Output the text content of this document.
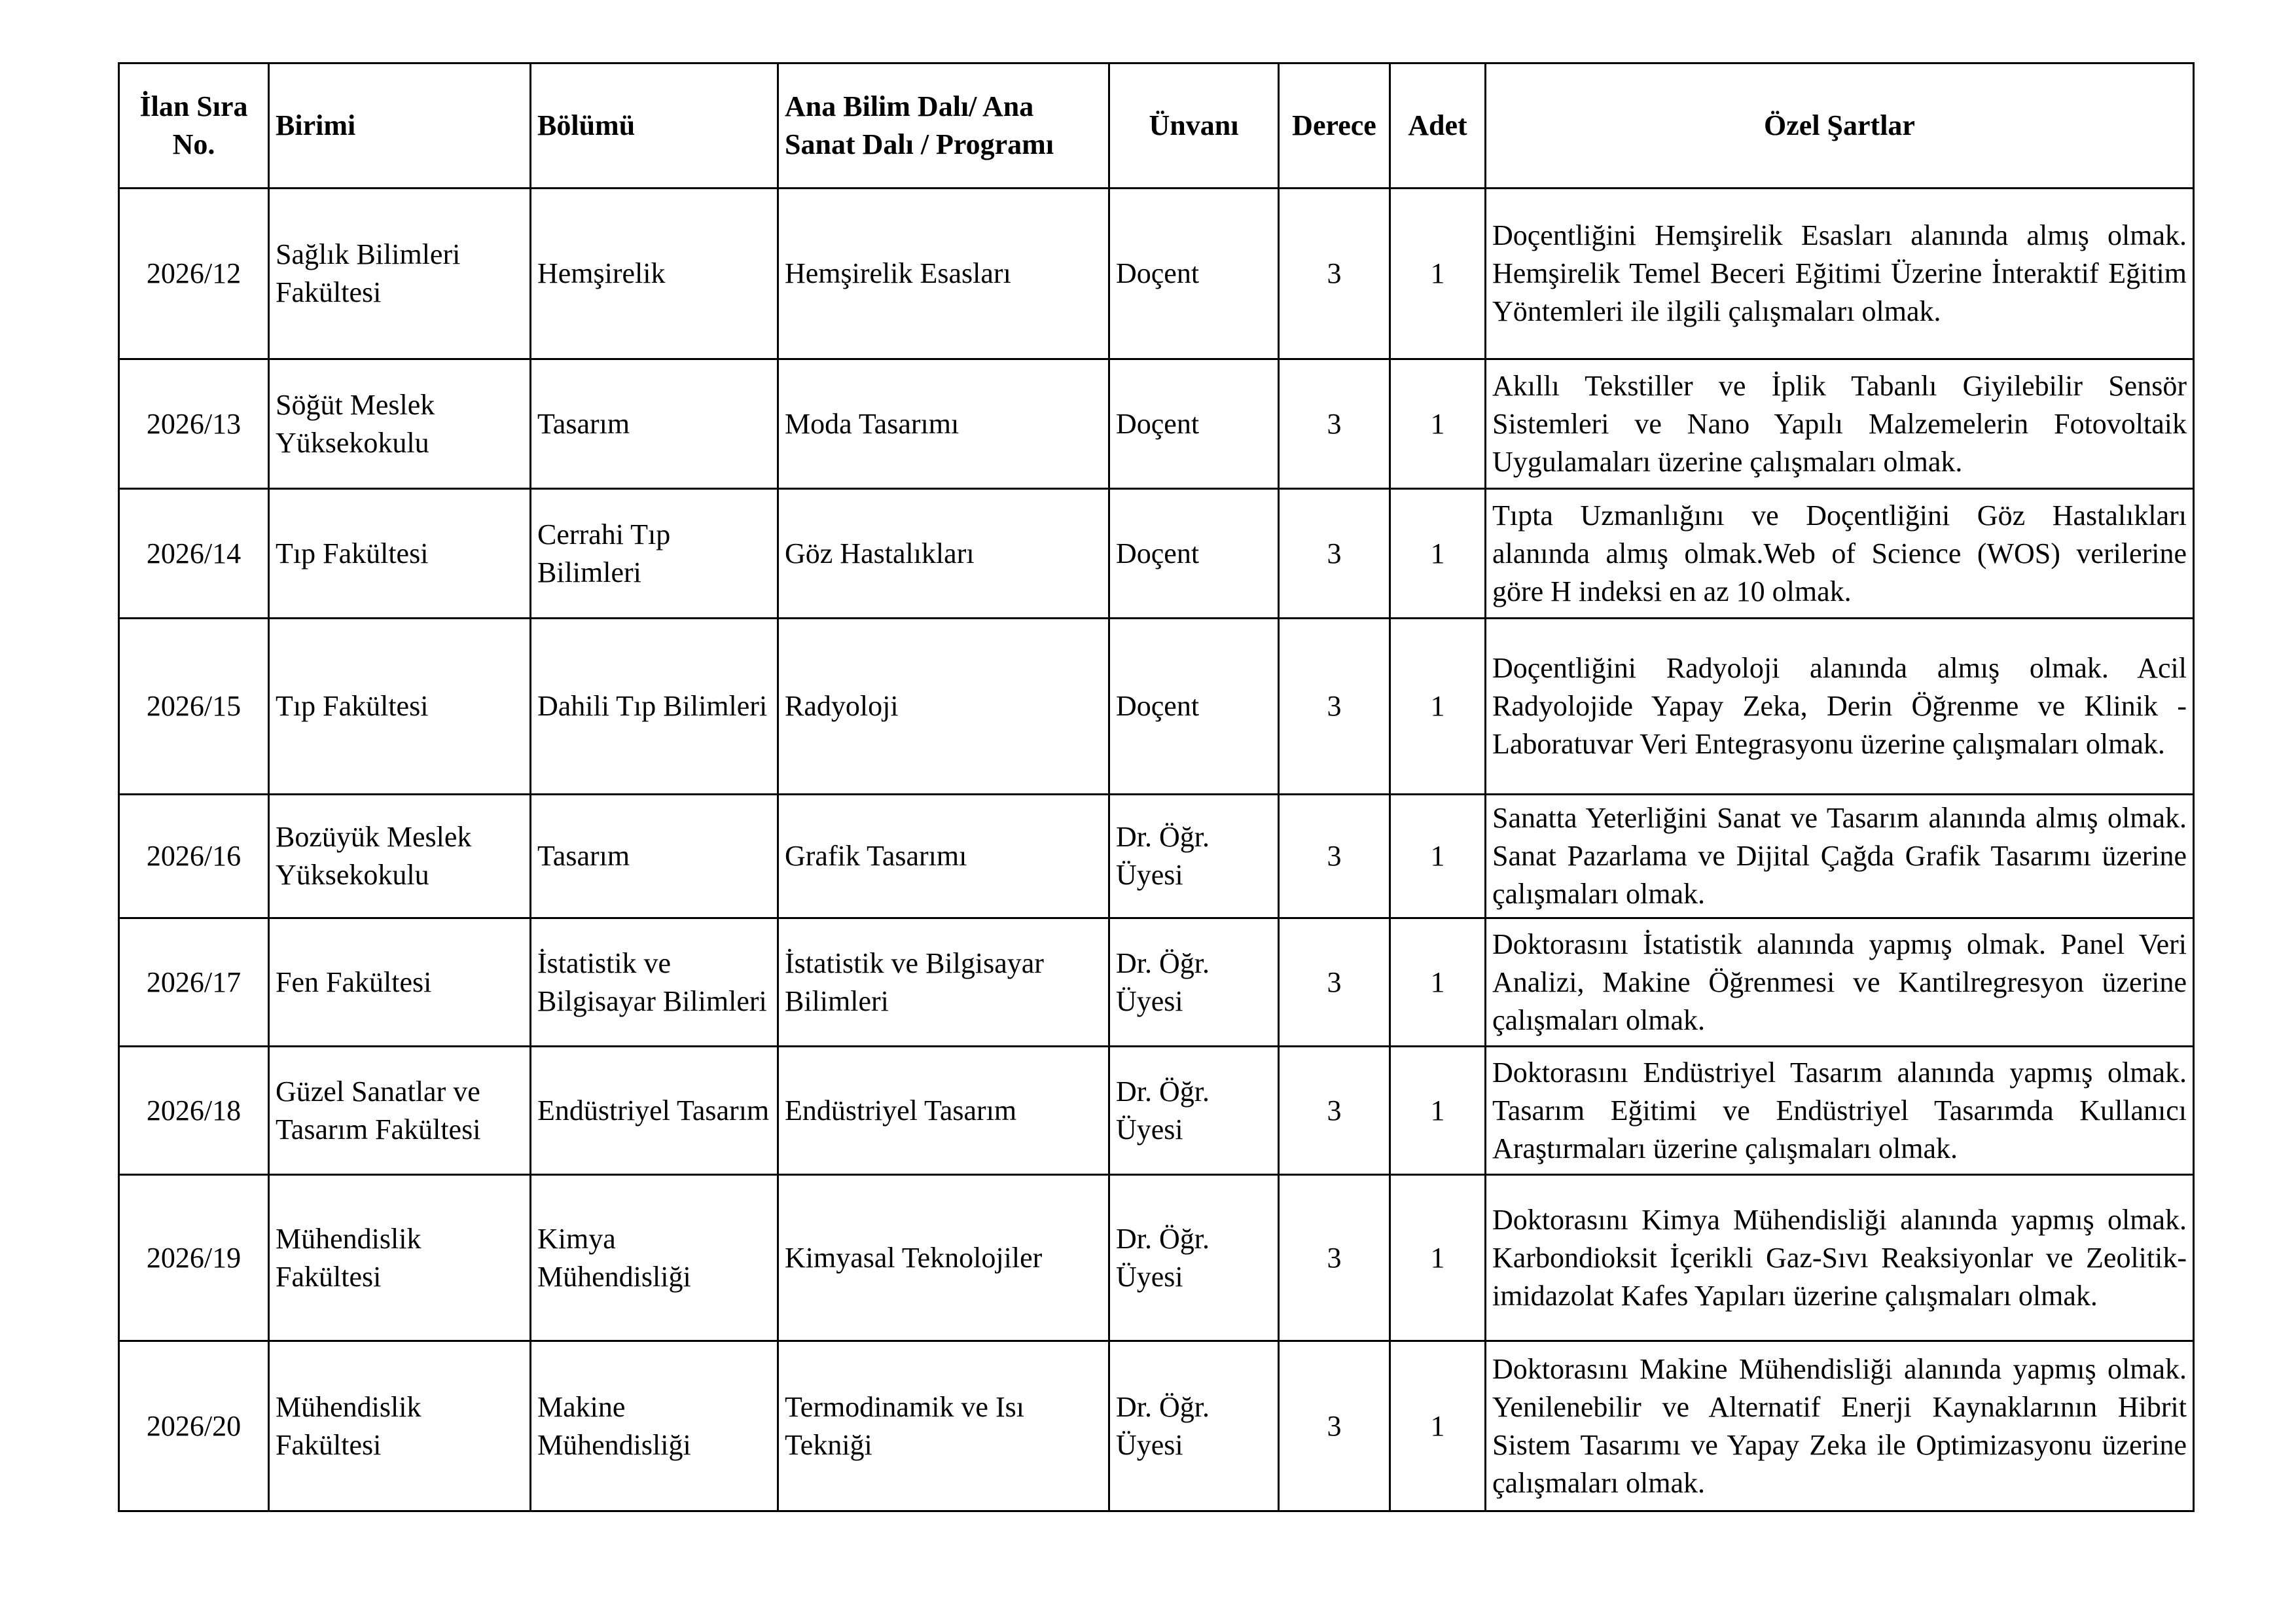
İlan Sıra No.	Birimi	Bölümü	Ana Bilim Dalı/ Ana Sanat Dalı / Programı	Ünvanı	Derece	Adet	Özel Şartlar
2026/12	Sağlık Bilimleri Fakültesi	Hemşirelik	Hemşirelik Esasları	Doçent	3	1	Doçentliğini Hemşirelik Esasları alanında almış olmak. Hemşirelik Temel Beceri Eğitimi Üzerine İnteraktif Eğitim Yöntemleri ile ilgili çalışmaları olmak.
2026/13	Söğüt Meslek Yüksekokulu	Tasarım	Moda Tasarımı	Doçent	3	1	Akıllı Tekstiller ve İplik Tabanlı Giyilebilir Sensör Sistemleri ve Nano Yapılı Malzemelerin Fotovoltaik Uygulamaları üzerine çalışmaları olmak.
2026/14	Tıp Fakültesi	Cerrahi Tıp Bilimleri	Göz Hastalıkları	Doçent	3	1	Tıpta Uzmanlığını ve Doçentliğini Göz Hastalıkları alanında almış olmak.Web of Science (WOS) verilerine göre H indeksi en az 10 olmak.
2026/15	Tıp Fakültesi	Dahili Tıp Bilimleri	Radyoloji	Doçent	3	1	Doçentliğini Radyoloji alanında almış olmak. Acil Radyolojide Yapay Zeka, Derin Öğrenme ve Klinik - Laboratuvar Veri Entegrasyonu üzerine çalışmaları olmak.
2026/16	Bozüyük Meslek Yüksekokulu	Tasarım	Grafik Tasarımı	Dr. Öğr. Üyesi	3	1	Sanatta Yeterliğini Sanat ve Tasarım alanında almış olmak. Sanat Pazarlama ve Dijital Çağda Grafik Tasarımı üzerine çalışmaları olmak.
2026/17	Fen Fakültesi	İstatistik ve Bilgisayar Bilimleri	İstatistik ve Bilgisayar Bilimleri	Dr. Öğr. Üyesi	3	1	Doktorasını İstatistik alanında yapmış olmak. Panel Veri Analizi, Makine Öğrenmesi ve Kantilregresyon üzerine çalışmaları olmak.
2026/18	Güzel Sanatlar ve Tasarım Fakültesi	Endüstriyel Tasarım	Endüstriyel Tasarım	Dr. Öğr. Üyesi	3	1	Doktorasını Endüstriyel Tasarım alanında yapmış olmak. Tasarım Eğitimi ve Endüstriyel Tasarımda Kullanıcı Araştırmaları üzerine çalışmaları olmak.
2026/19	Mühendislik Fakültesi	Kimya Mühendisliği	Kimyasal Teknolojiler	Dr. Öğr. Üyesi	3	1	Doktorasını Kimya Mühendisliği alanında yapmış olmak. Karbondioksit İçerikli Gaz-Sıvı Reaksiyonlar ve Zeolitik-imidazolat Kafes Yapıları üzerine çalışmaları olmak.
2026/20	Mühendislik Fakültesi	Makine Mühendisliği	Termodinamik ve Isı Tekniği	Dr. Öğr. Üyesi	3	1	Doktorasını Makine Mühendisliği alanında yapmış olmak. Yenilenebilir ve Alternatif Enerji Kaynaklarının Hibrit Sistem Tasarımı ve Yapay Zeka ile Optimizasyonu üzerine çalışmaları olmak.
